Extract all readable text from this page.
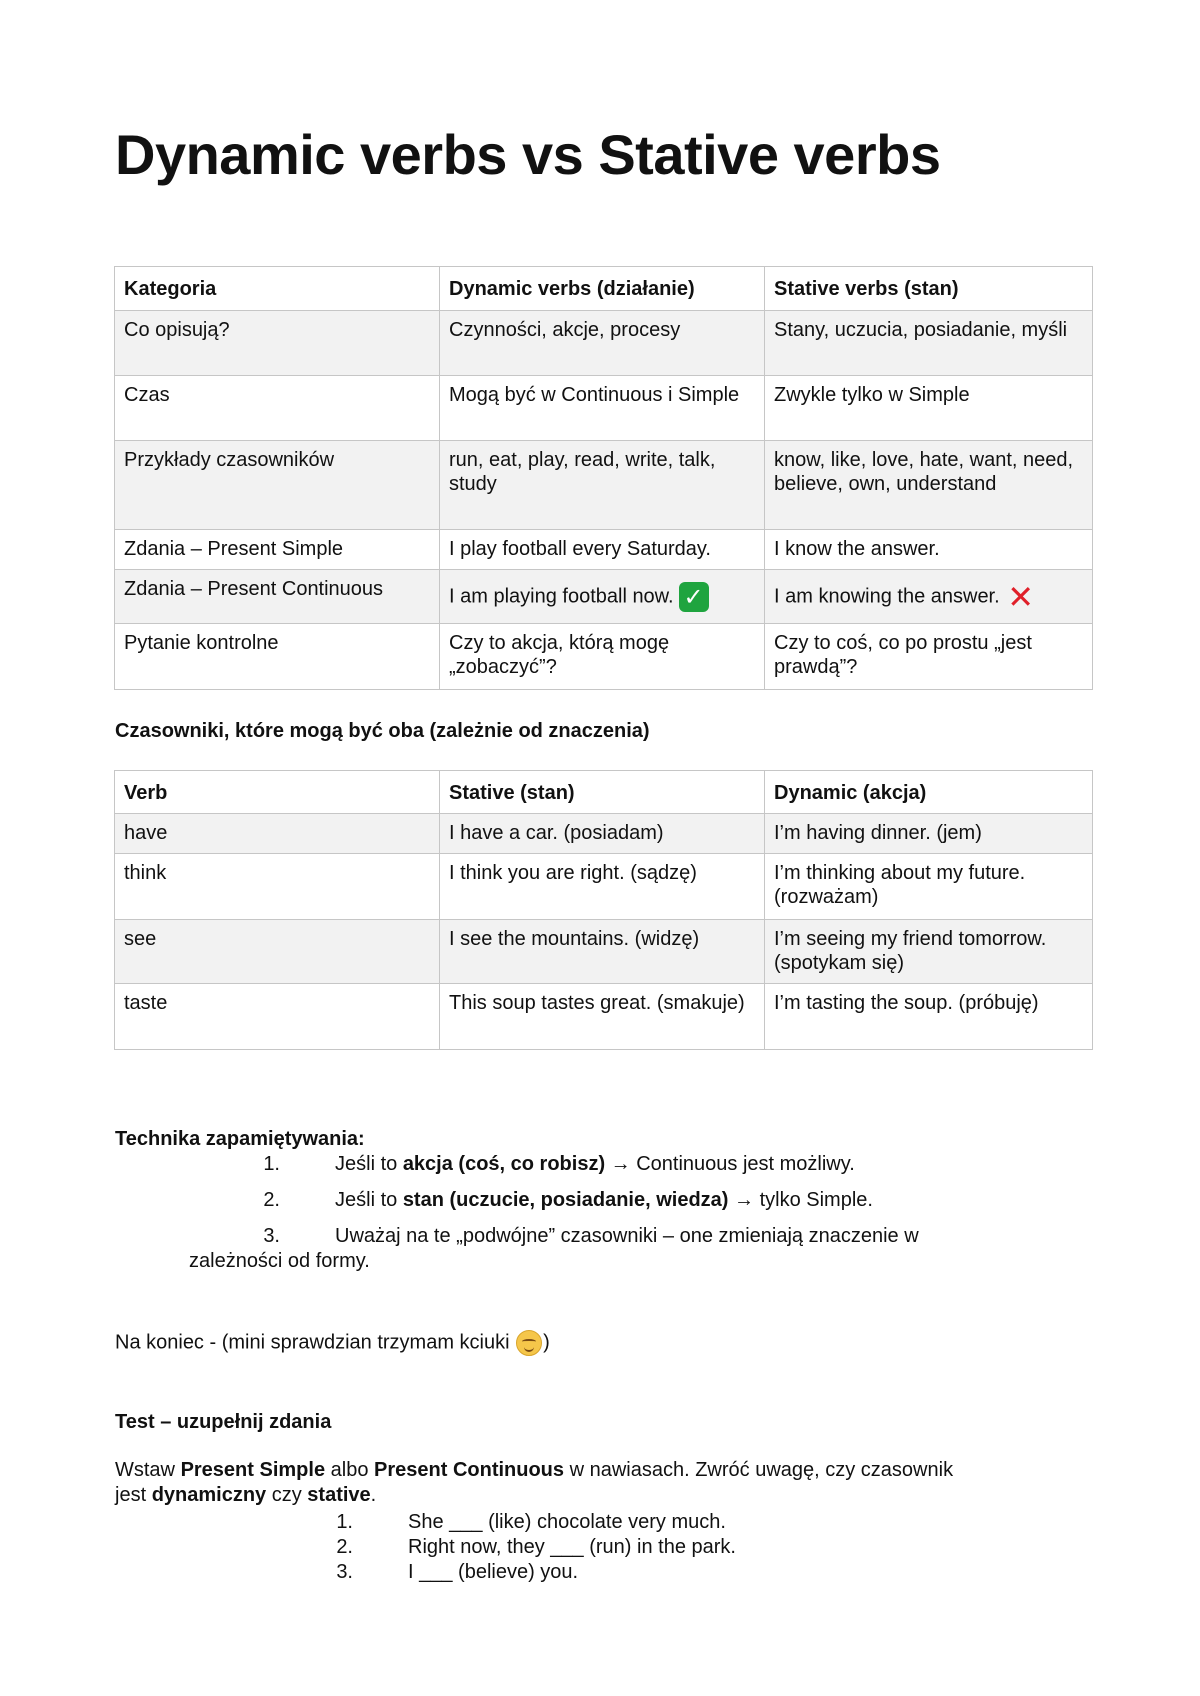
Dynamic verbs vs Stative verbs
Kategoria	Dynamic verbs (działanie)	Stative verbs (stan)
Co opisują?	Czynności, akcje, procesy	Stany, uczucia, posiadanie, myśli
Czas	Mogą być w Continuous i Simple	Zwykle tylko w Simple
Przykłady czasowników	run, eat, play, read, write, talk, study	know, like, love, hate, want, need, believe, own, understand
Zdania – Present Simple	I play football every Saturday.	I know the answer.
Zdania – Present Continuous	I am playing football now. ✓	I am knowing the answer. ✕
Pytanie kontrolne	Czy to akcja, którą mogę „zobaczyć”?	Czy to coś, co po prostu „jest prawdą”?

Czasowniki, które mogą być oba (zależnie od znaczenia)

Verb	Stative (stan)	Dynamic (akcja)
have	I have a car. (posiadam)	I’m having dinner. (jem)
think	I think you are right. (sądzę)	I’m thinking about my future. (rozważam)
see	I see the mountains. (widzę)	I’m seeing my friend tomorrow. (spotykam się)
taste	This soup tastes great. (smakuje)	I’m tasting the soup. (próbuję)

Technika zapamiętywania:

1.	Jeśli to akcja (coś, co robisz) → Continuous jest możliwy.
2.	Jeśli to stan (uczucie, posiadanie, wiedza) → tylko Simple.
3.	Uważaj na te „podwójne” czasowniki – one zmieniają znaczenie w
zależności od formy.

Na koniec - (mini sprawdzian trzymam kciuki )

Test – uzupełnij zdania

Wstaw Present Simple albo Present Continuous w nawiasach. Zwróć uwagę, czy czasownik
jest dynamiczny czy stative.

1.	She ___ (like) chocolate very much.
2.	Right now, they ___ (run) in the park.
3.	I ___ (believe) you.
